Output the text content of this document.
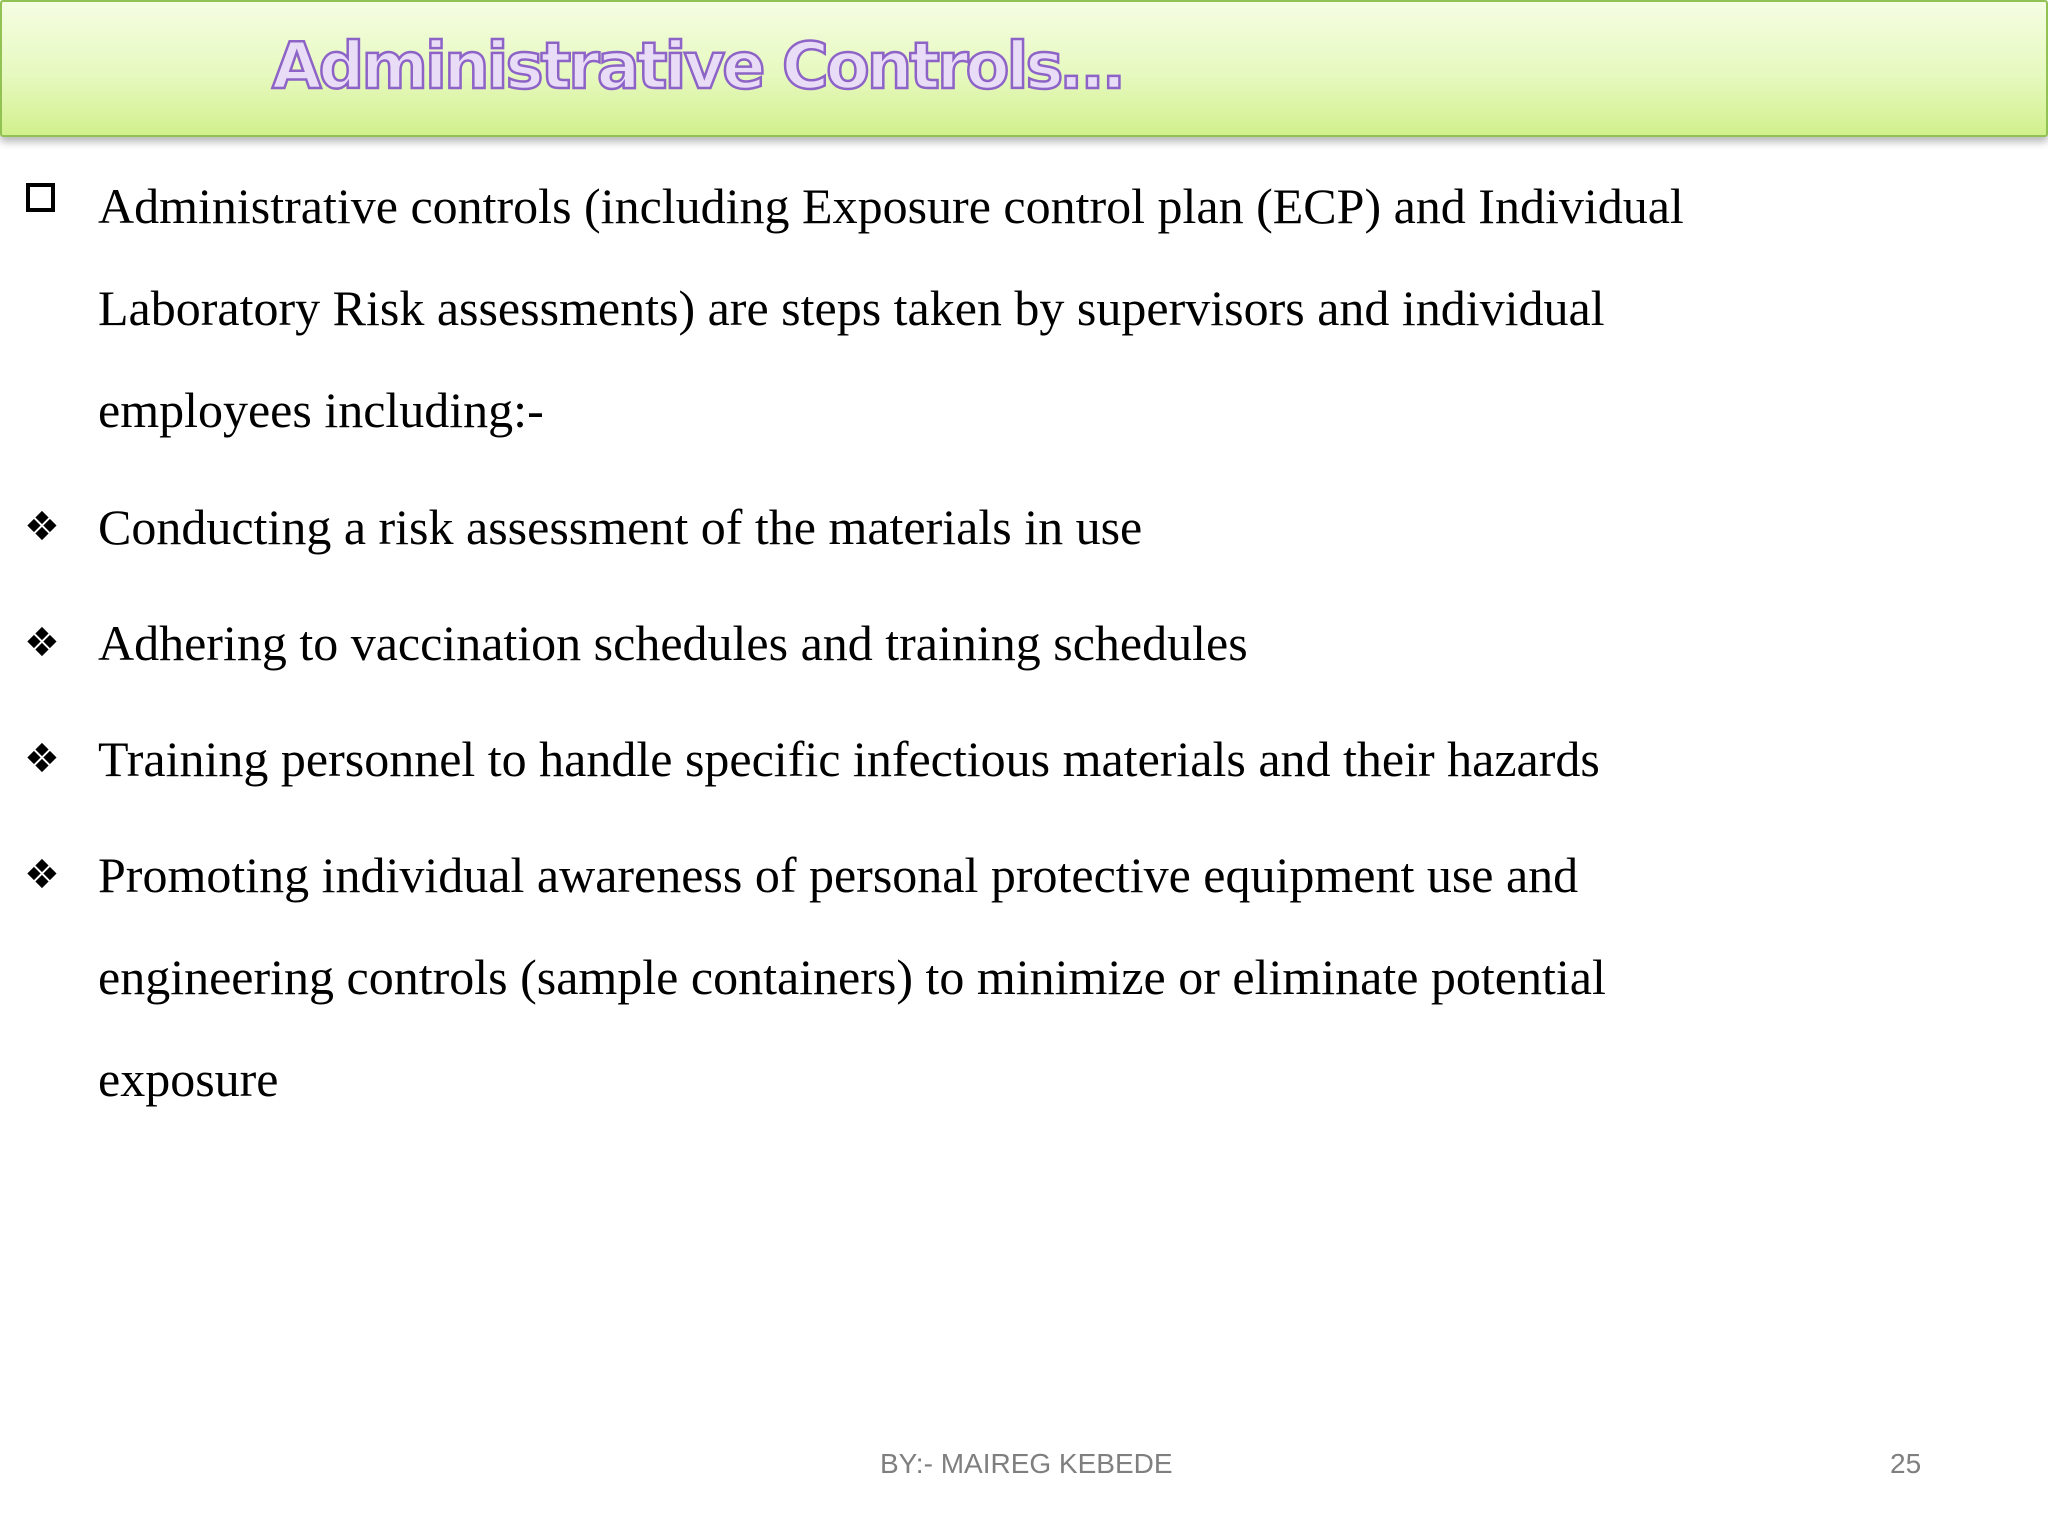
Administrative Controls…

Administrative controls (including Exposure control plan (ECP) and Individual
Laboratory Risk assessments) are steps taken by supervisors and individual
employees including:-

❖ Conducting a risk assessment of the materials in use

❖ Adhering to vaccination schedules and training schedules

❖ Training personnel to handle specific infectious materials and their hazards

❖ Promoting individual awareness of personal protective equipment use and
engineering controls (sample containers) to minimize or eliminate potential
exposure

BY:- MAIREG KEBEDE	25
